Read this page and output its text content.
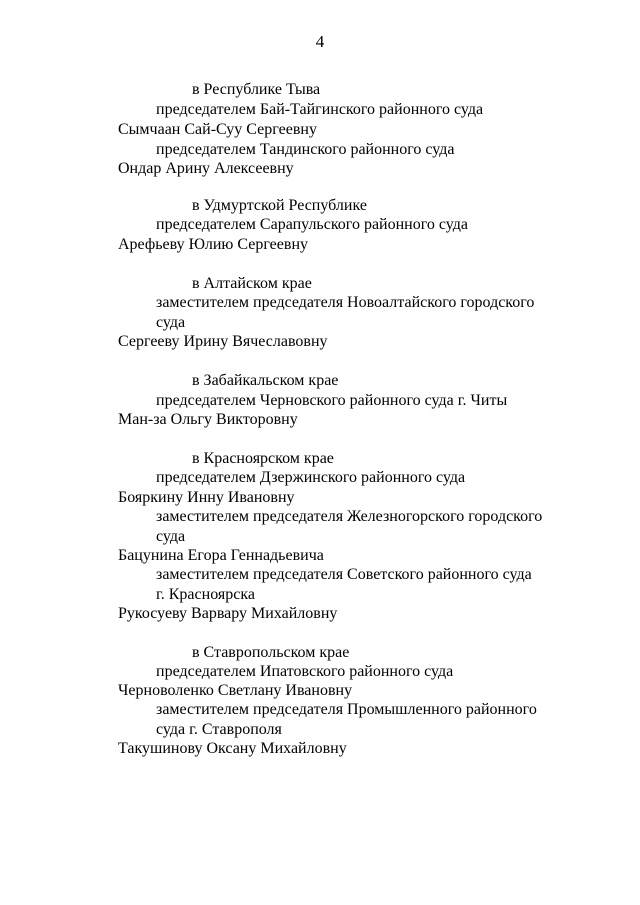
4
в Республике Тыва
председателем Бай-Тайгинского районного суда
Сымчаан Сай-Суу Сергеевну
председателем Тандинского районного суда
Ондар Арину Алексеевну
в Удмуртской Республике
председателем Сарапульского районного суда
Арефьеву Юлию Сергеевну
в Алтайском крае
заместителем председателя Новоалтайского городского
суда
Сергееву Ирину Вячеславовну
в Забайкальском крае
председателем Черновского районного суда г. Читы
Ман-за Ольгу Викторовну
в Красноярском крае
председателем Дзержинского районного суда
Бояркину Инну Ивановну
заместителем председателя Железногорского городского
суда
Бацунина Егора Геннадьевича
заместителем председателя Советского районного суда
г. Красноярска
Рукосуеву Варвару Михайловну
в Ставропольском крае
председателем Ипатовского районного суда
Черноволенко Светлану Ивановну
заместителем председателя Промышленного районного
суда г. Ставрополя
Такушинову Оксану Михайловну
